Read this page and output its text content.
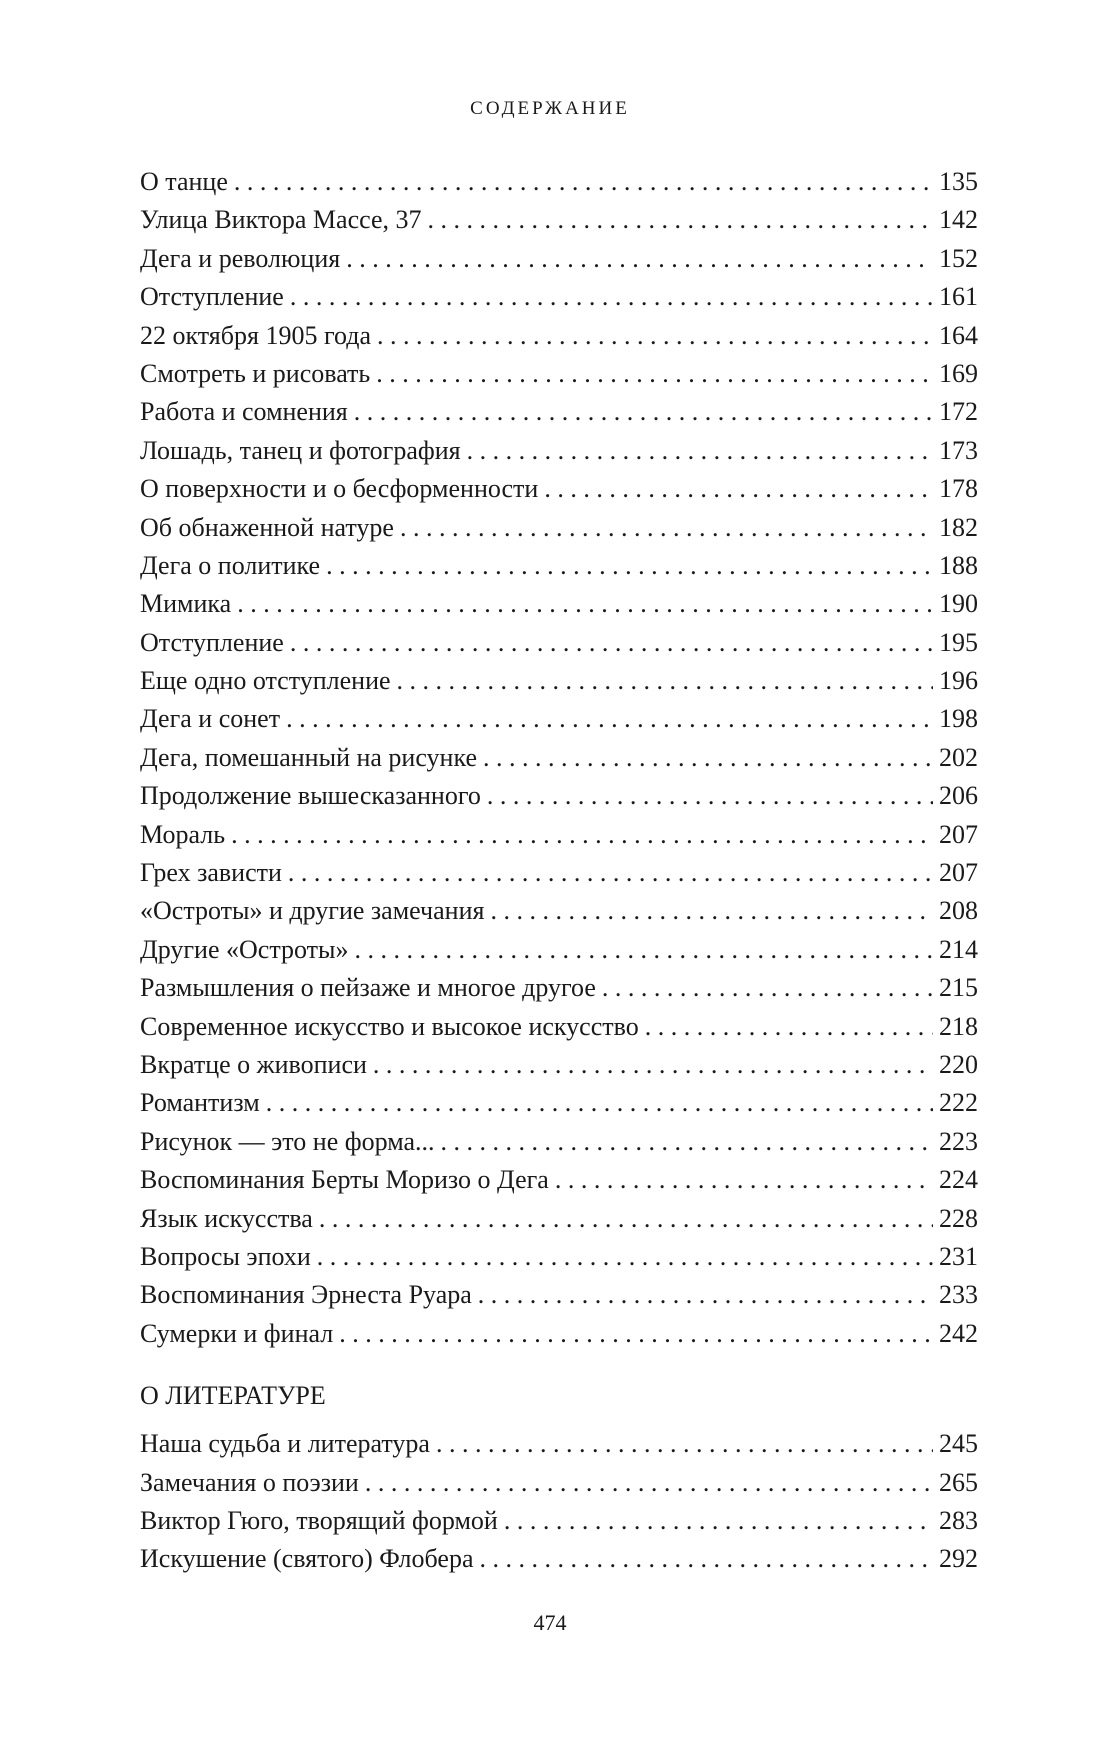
СОДЕРЖАНИЕ
О танце . . .	135
Улица Виктора Массе, 37 . . .	142
Дега и революция . . .	152
Отступление . . .	161
22 октября 1905 года . . .	164
Смотреть и рисовать . . .	169
Работа и сомнения . . .	172
Лошадь, танец и фотография . . .	173
О поверхности и о бесформенности . . .	178
Об обнаженной натуре . . .	182
Дега о политике . . .	188
Мимика . . .	190
Отступление . . .	195
Еще одно отступление . . .	196
Дега и сонет . . .	198
Дега, помешанный на рисунке . . .	202
Продолжение вышесказанного . . .	206
Мораль . . .	207
Грех зависти . . .	207
«Остроты» и другие замечания . . .	208
Другие «Остроты» . . .	214
Размышления о пейзаже и многое другое . . .	215
Современное искусство и высокое искусство . . .	218
Вкратце о живописи . . .	220
Романтизм . . .	222
Рисунок — это не форма... . . .	223
Воспоминания Берты Моризо о Дега . . .	224
Язык искусства . . .	228
Вопросы эпохи . . .	231
Воспоминания Эрнеста Руара . . .	233
Сумерки и финал . . .	242
О ЛИТЕРАТУРЕ
Наша судьба и литература . . .	245
Замечания о поэзии . . .	265
Виктор Гюго, творящий формой . . .	283
Искушение (святого) Флобера . . .	292
474
